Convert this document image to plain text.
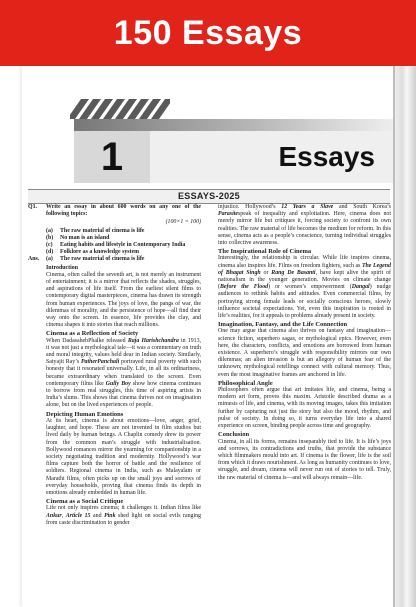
150 Essays
1	Essays
ESSAYS-2025
Q1.	Write an essay in about 600 words on any one of the following topics:
(100×1 = 100)
(a)	The raw material of cinema is life
(b)	No man is an island
(c)	Eating habits and lifestyle in Contemporary India
(d)	Folklore as a knowledge system
Ans.	(a)	The raw material of cinema is life
Introduction

Cinema, often called the seventh art, is not merely an instrument of entertainment; it is a mirror that reflects the shades, struggles, and aspirations of life itself. From the earliest silent films to contemporary digital masterpieces, cinema has drawn its strength from human experiences. The joys of love, the pangs of war, the dilemmas of morality, and the persistence of hope—all find their way onto the screen. In essence, life provides the clay, and cinema shapes it into stories that reach millions.

Cinema as a Reflection of Society

When DadasahebPhalke released Raja Harishchandra in 1913, it was not just a mythological tale—it was a commentary on truth and moral integrity, values held dear in Indian society. Similarly, Satyajit Ray’s PatherPanchali portrayed rural poverty with such honesty that it resonated universally. Life, in all its ordinariness, became extraordinary when translated to the screen. Even contemporary films like Gully Boy show how cinema continues to borrow from real struggles, this time of aspiring artists in India’s slums. This shows that cinema thrives not on imagination alone, but on the lived experiences of people.

Depicting Human Emotions

At its heart, cinema is about emotions—love, anger, grief, laughter, and hope. These are not invented in film studios but lived daily by human beings. A Chaplin comedy drew its power from the common man’s struggle with industrialisation. Bollywood romances mirror the yearning for companionship in a society negotiating tradition and modernity. Hollywood’s war films capture both the horror of battle and the resilience of soldiers. Regional cinema in India, such as Malayalam or Marathi films, often picks up on the small joys and sorrows of everyday households, proving that cinema finds its depth in emotions already embedded in human life.

Cinema as a Social Critique

Life not only inspires cinema; it challenges it. Indian films like Ankur, Article 15 and Pink shed light on social evils ranging from caste discrimination to gender

injustice. Hollywood’s 12 Years a Slave and South Korea’s Parasitespeak of inequality and exploitation. Here, cinema does not merely mirror life but critiques it, forcing society to confront its own realities. The raw material of life becomes the medium for reform. In this sense, cinema acts as a people’s conscience, turning individual struggles into collective awareness.

The Inspirational Role of Cinema

Interestingly, the relationship is circular. While life inspires cinema, cinema also inspires life. Films on freedom fighters, such as The Legend of Bhagat Singh or Rang De Basanti, have kept alive the spirit of nationalism in the younger generation. Movies on climate change (Before the Flood) or women’s empowerment (Dangal) nudge audiences to rethink habits and attitudes. Even commercial films, by portraying strong female leads or socially conscious heroes, slowly influence societal expectations. Yet, even this inspiration is rooted in life’s realities, for it appeals to problems already present in society.

Imagination, Fantasy, and the Life Connection

One may argue that cinema also thrives on fantasy and imagination—science fiction, superhero sagas, or mythological epics. However, even here, the characters, conflicts, and emotions are borrowed from human existence. A superhero’s struggle with responsibility mirrors our own dilemmas; an alien invasion is but an allegory of human fear of the unknown; mythological retellings connect with cultural memory. Thus, even the most imaginative frames are anchored in life.

Philosophical Angle

Philosophers often argue that art imitates life, and cinema, being a modern art form, proves this maxim. Aristotle described drama as a mimesis of life, and cinema, with its moving images, takes this imitation further by capturing not just the story but also the mood, rhythm, and pulse of society. In doing so, it turns everyday life into a shared experience on screen, binding people across time and geography.

Conclusion

Cinema, in all its forms, remains inseparably tied to life. It is life’s joys and sorrows, its contradictions and truths, that provide the substance which filmmakers mould into art. If cinema is the flower, life is the soil from which it draws nourishment. As long as humanity continues to love, struggle, and dream, cinema will never run out of stories to tell. Truly, the raw material of cinema is—and will always remain—life.
